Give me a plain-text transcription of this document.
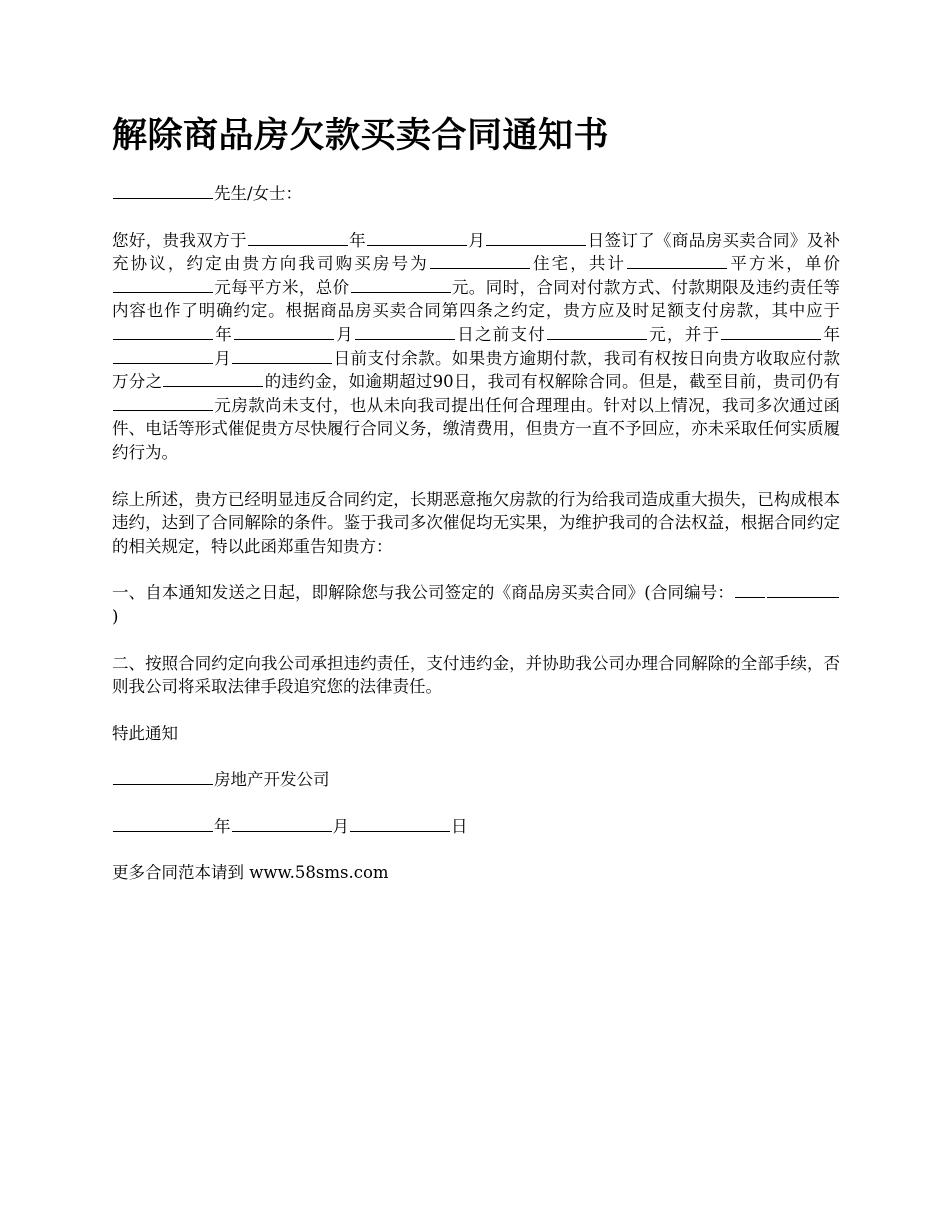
解除商品房欠款买卖合同通知书

先生/女士：

您好，贵我双方于	年	月	日签订了《商品房买卖合同》及补充协议，约定由贵方向我司购买房号为	住宅，共计	平方米，单价元每平方米，总价	元。同时，合同对付款方式、付款期限及违约责任等内容也作了明确约定。根据商品房买卖合同第四条之约定，贵方应及时足额支付房款，其中应于年	月	日之前支付	元，并于	年月	日前支付余款。如果贵方逾期付款，我司有权按日向贵方收取应付款万分之	的违约金，如逾期超过90日，我司有权解除合同。但是，截至目前，贵司仍有元房款尚未支付，也从未向我司提出任何合理理由。针对以上情况，我司多次通过函件、电话等形式催促贵方尽快履行合同义务，缴清费用，但贵方一直不予回应，亦未采取任何实质履约行为。

综上所述，贵方已经明显违反合同约定，长期恶意拖欠房款的行为给我司造成重大损失，已构成根本违约，达到了合同解除的条件。鉴于我司多次催促均无实果，为维护我司的合法权益，根据合同约定的相关规定，特以此函郑重告知贵方：

一、自本通知发送之日起，即解除您与我公司签定的《商品房买卖合同》(合同编号：)

二、按照合同约定向我公司承担违约责任，支付违约金，并协助我公司办理合同解除的全部手续，否则我公司将采取法律手段追究您的法律责任。

特此通知

房地产开发公司

年	月	日

更多合同范本请到 www.58sms.com
